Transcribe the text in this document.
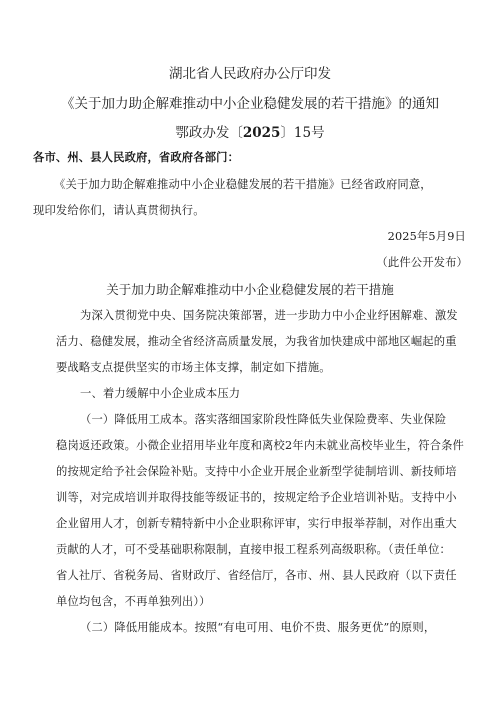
湖北省人民政府办公厅印发
《关于加力助企解难推动中小企业稳健发展的若干措施》的通知
鄂政办发〔2025〕15号
各市、州、县人民政府，省政府各部门：
《关于加力助企解难推动中小企业稳健发展的若干措施》已经省政府同意，
现印发给你们，请认真贯彻执行。
2025年5月9日
（此件公开发布）
关于加力助企解难推动中小企业稳健发展的若干措施
为深入贯彻党中央、国务院决策部署，进一步助力中小企业纾困解难、激发
活力、稳健发展，推动全省经济高质量发展，为我省加快建成中部地区崛起的重
要战略支点提供坚实的市场主体支撑，制定如下措施。
一、着力缓解中小企业成本压力
（一）降低用工成本。落实落细国家阶段性降低失业保险费率、失业保险
稳岗返还政策。小微企业招用毕业年度和离校2年内未就业高校毕业生，符合条件
的按规定给予社会保险补贴。支持中小企业开展企业新型学徒制培训、新技师培
训等，对完成培训并取得技能等级证书的，按规定给予企业培训补贴。支持中小
企业留用人才，创新专精特新中小企业职称评审，实行申报举荐制，对作出重大
贡献的人才，可不受基础职称限制，直接申报工程系列高级职称。（责任单位：
省人社厅、省税务局、省财政厅、省经信厅，各市、州、县人民政府（以下责任
单位均包含，不再单独列出））
（二）降低用能成本。按照“有电可用、电价不贵、服务更优”的原则，
